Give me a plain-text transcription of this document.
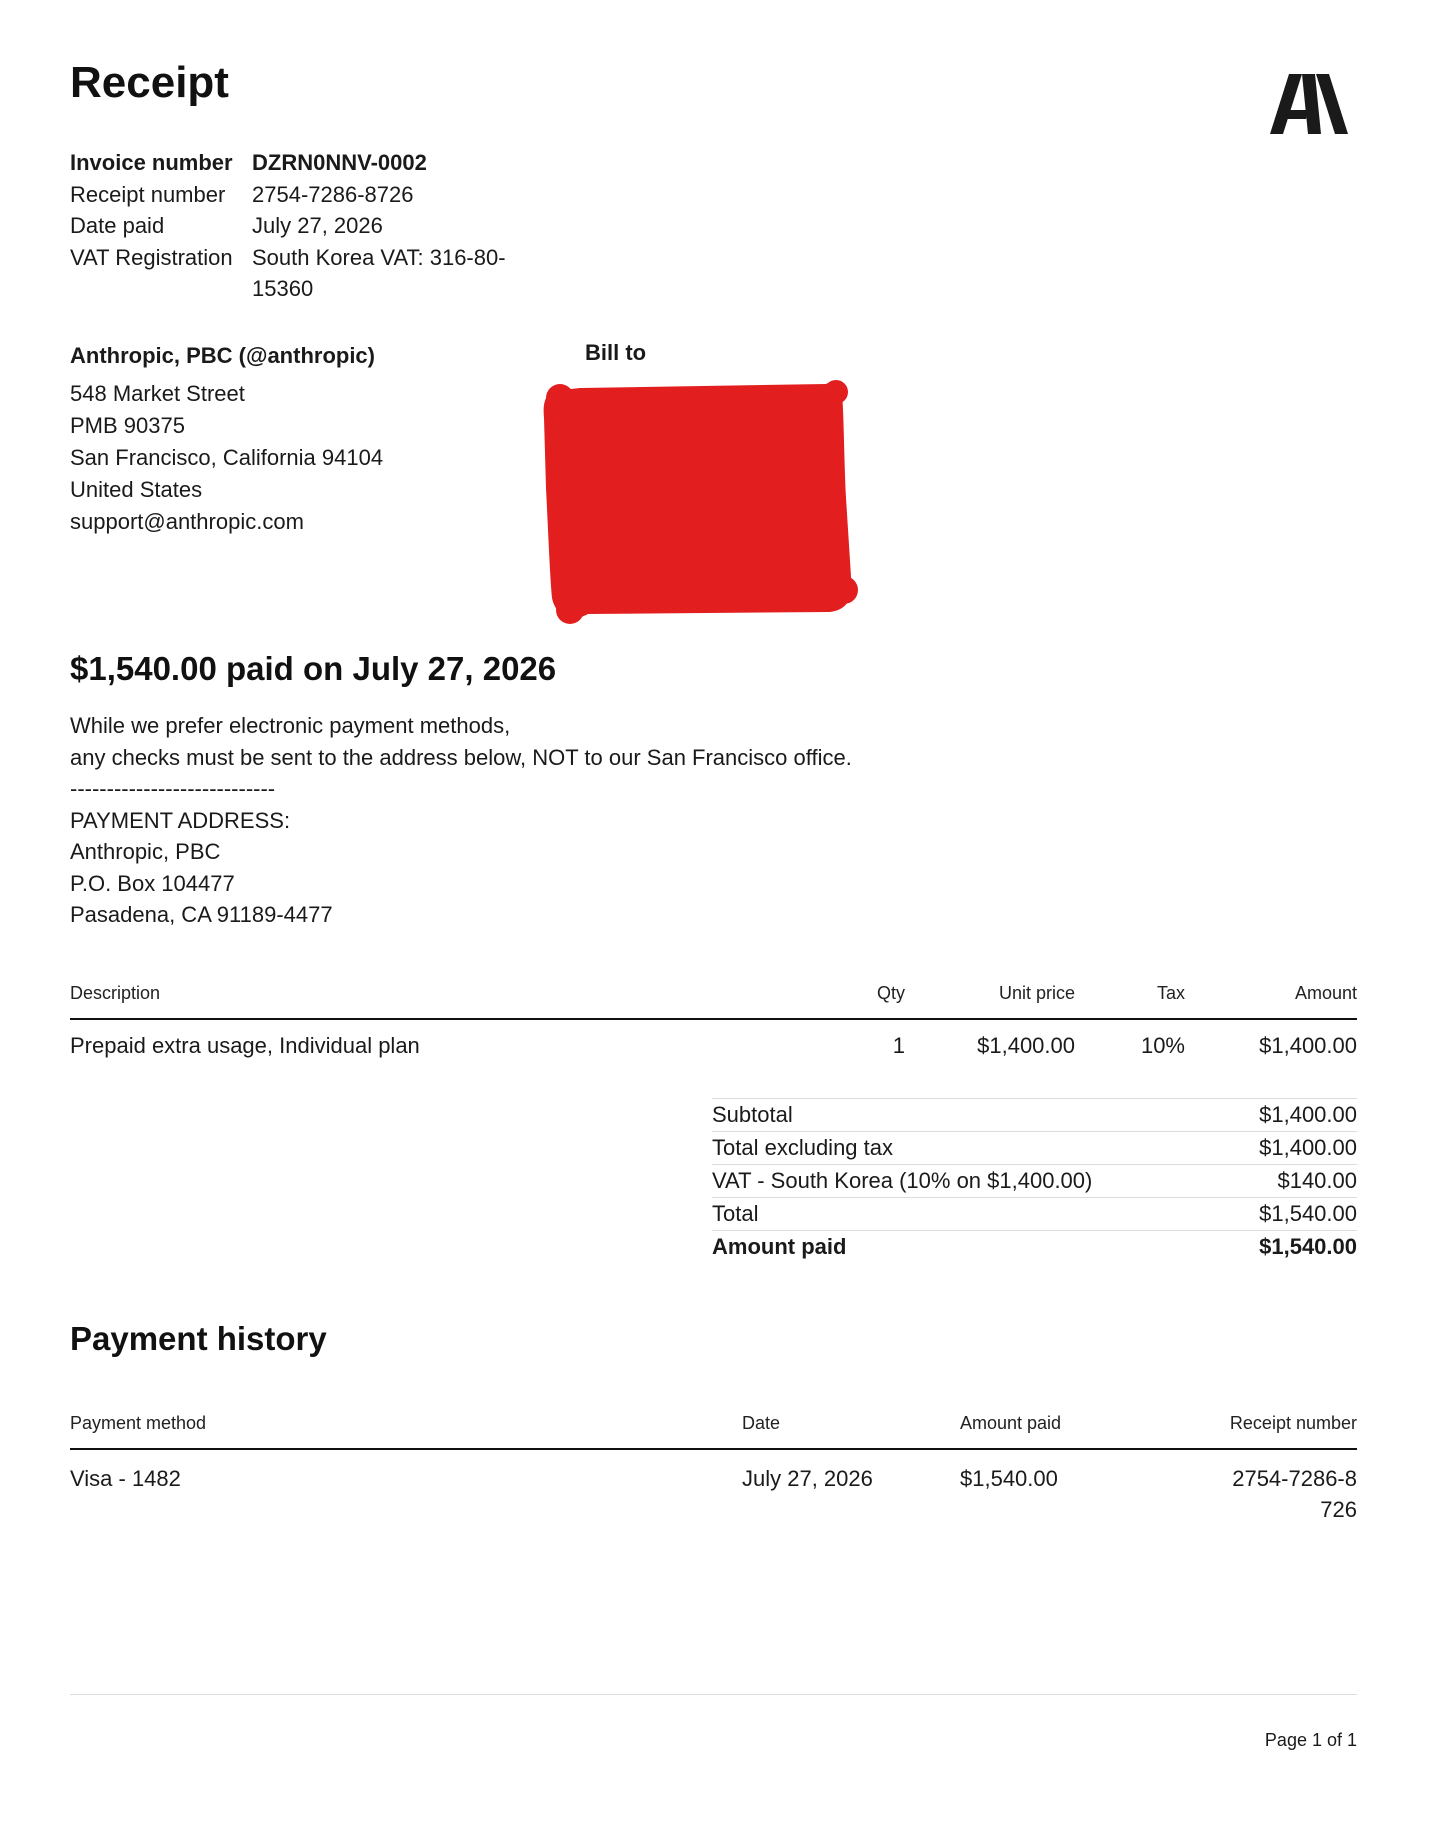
Receipt
Invoice number DZRN0NNV-0002
Receipt number	2754-7286-8726
Date paid	July 27, 2026
VAT Registration South Korea VAT: 316-80-15360
Anthropic, PBC (@anthropic)
548 Market Street
PMB 90375
San Francisco, California 94104
United States
support@anthropic.com
Bill to
$1,540.00 paid on July 27, 2026
While we prefer electronic payment methods,
any checks must be sent to the address below, NOT to our San Francisco office.
----------------------------
PAYMENT ADDRESS:
Anthropic, PBC
P.O. Box 104477
Pasadena, CA 91189-4477
Description	Qty	Unit price	Tax	Amount
Prepaid extra usage, Individual plan	1	$1,400.00	10%	$1,400.00
Subtotal	$1,400.00
Total excluding tax	$1,400.00
VAT - South Korea (10% on $1,400.00)	$140.00
Total	$1,540.00
Amount paid	$1,540.00
Payment history
Payment method	Date	Amount paid	Receipt number
Visa - 1482	July 27, 2026	$1,540.00	2754-7286-8726
Page 1 of 1
